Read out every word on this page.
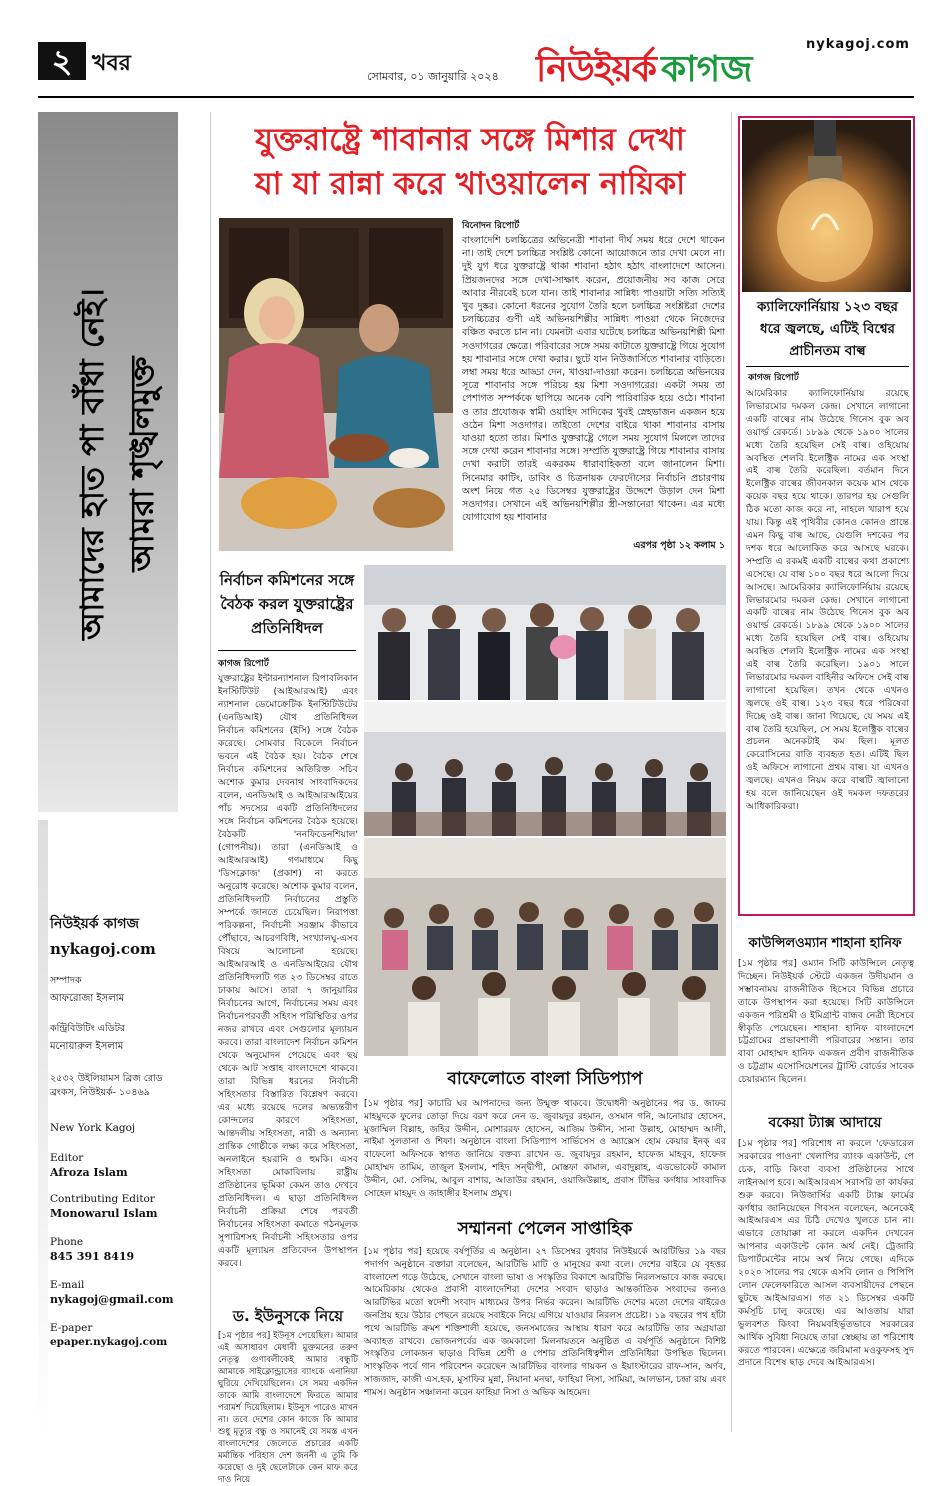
২ খবর
সোমবার, ০১ জানুয়ারি ২০২৪
nykagoj.com
নিউইয়র্ক কাগজ
আমাদের হাত পা বাঁধা নেই। আমরা শৃঙ্খলমুক্ত
নিউইয়র্ক কাগজ
nykagoj.com
সম্পাদক
আফরোজা ইসলাম
কন্ট্রিবিউটিং এডিটর
মনোয়ারুল ইসলাম
২৫৩২ উইলিয়ামস ব্রিজ রোড ব্রংকস, নিউইয়র্ক- ১০৪৬৯
New York Kagoj
Editor
Afroza Islam
Contributing Editor
Monowarul Islam
Phone
845 391 8419
E-mail
nykagoj@gmail.com
E-paper
epaper.nykagoj.com
যুক্তরাষ্ট্রে শাবানার সঙ্গে মিশার দেখা
যা যা রান্না করে খাওয়ালেন নায়িকা
বিনোদন রিপোর্ট
বাংলাদেশি চলচ্চিত্রের অভিনেত্রী শাবানা দীর্ঘ সময় ধরে দেশে থাকেন না। তাই দেশে চলচ্চিত্র সংশ্লিষ্ট কোনো আয়োজনে তার দেখা মেলে না। দুই যুগ ধরে যুক্তরাষ্ট্রে থাকা শাবানা হঠাৎ হঠাৎ বাংলাদেশে আসেন। প্রিয়জনদের সঙ্গে দেখা-সাক্ষাৎ করেন, প্রয়োজনীয় সব কাজ সেরে আবার নীরবেই চলে যান। তাই শাবানার সান্নিধ্য পাওয়াটা সত্যি সত্যিই খুব দুষ্কর। কোনো ধরনের সুযোগ তৈরি হলে চলচ্চিত্র সংশ্লিষ্টরা দেশের চলচ্চিত্রের গুণী এই অভিনয়শিল্পীর সান্নিধ্য পাওয়া থেকে নিজেদের বঞ্চিত করতে চান না। যেমনটা এবার ঘটেছে চলচ্চিত্র অভিনয়শিল্পী মিশা সওদাগরের ক্ষেত্রে। পরিবারের সঙ্গে সময় কাটাতে যুক্তরাষ্ট্রে গিয়ে সুযোগ হয় শাবানার সঙ্গে দেখা করার। ছুটে যান নিউজার্সিতে শাবানার বাড়িতে। লম্বা সময় ধরে আড্ডা দেন, খাওয়া-দাওয়া করেন। চলচ্চিত্রে অভিনয়ের সূত্রে শাবানার সঙ্গে পরিচয় হয় মিশা সওদাগরের। একটা সময় তা পেশাগত সম্পর্ককে ছাপিয়ে অনেক বেশি পারিবারিক হয়ে ওঠে। শাবানা ও তার প্রযোজক স্বামী ওয়াহিদ সাদিকের খুবই স্নেহভাজন একজন হয়ে ওঠেন মিশা সওদাগর। তাইতো দেশের বাইরে থাকা শাবানার বাসায় যাওয়া হতো তার। মিশাও যুক্তরাষ্ট্রে গেলে সময় সুযোগ মিললে তাদের সঙ্গে দেখা করেন শাবানার সঙ্গে। সম্প্রতি যুক্তরাষ্ট্রে গিয়ে শাবানার বাসায় দেখা করাটা তারই একরকম ধারাবাহিকতা বলে জানালেন মিশা। সিনেমার কাটিং, ডাবিং ও চিত্রনায়ক ফেরদৌসের নির্বাচনি প্রচারণায় অংশ নিয়ে গত ২৫ ডিসেম্বর যুক্তরাষ্ট্রের উদ্দেশে উড়াল দেন মিশা সওদাগর। সেখানে এই অভিনয়শিল্পীর স্ত্রী-সন্তানেরা থাকেন। এর মধ্যে যোগাযোগ হয় শাবানার
এরপর পৃষ্ঠা ১২ কলাম ১
নির্বাচন কমিশনের সঙ্গে বৈঠক করল যুক্তরাষ্ট্রের প্রতিনিধিদল
কাগজ রিপোর্ট
যুক্তরাষ্ট্রের ইন্টারন্যাশনাল রিপাবলিকান ইনস্টিটিউট (আইআরআই) এবং ন্যাশনাল ডেমোক্রেটিক ইনস্টিটিউটের (এনডিআই) যৌথ প্রতিনিধিদল নির্বাচন কমিশনের (ইসি) সঙ্গে বৈঠক করেছে। সোমবার বিকেলে নির্বাচন ভবনে এই বৈঠক হয়। বৈঠক শেষে নির্বাচন কমিশনের অতিরিক্ত সচিব অশোক কুমার দেবনাথ সাংবাদিকদের বলেন, এনডিআই ও আইআরআইয়ের পাঁচ সদস্যের একটি প্রতিনিধিদলের সঙ্গে নির্বাচন কমিশনের বৈঠক হয়েছে। বৈঠকটি 'ননফিডেনশিয়াল' (গোপনীয়)। তারা (এনডিআই ও আইআরআই) গণমাধ্যমে কিছু 'ডিসক্লোজ' (প্রকাশ) না করতে অনুরোধ করেছে। অশোক কুমার বলেন, প্রতিনিধিদলটি নির্বাচনের প্রস্তুতি সম্পর্কে জানতে চেয়েছিল। নিরাপত্তা পরিকল্পনা, নির্বাচনী সরঞ্জাম কীভাবে পৌঁছাবে, আচরণবিধি, সংখ্যালঘু-এসব বিষয়ে আলোচনা হয়েছে। আইআরআই ও এনডিআইয়ের যৌথ প্রতিনিধিদলটি গত ২৩ ডিসেম্বর রাতে ঢাকায় আসে। তারা ৭ জানুয়ারির নির্বাচনের আগে, নির্বাচনের সময় এবং নির্বাচনপরবর্তী সহিংস পরিস্থিতির ওপর নজর রাখবে এবং সেগুলোর মূল্যায়ন করবে। তারা বাংলাদেশ নির্বাচন কমিশন থেকে অনুমোদন পেয়েছে এবং ছয় থেকে আট সপ্তাহ বাংলাদেশে থাকবে। তারা বিভিন্ন ধরনের নির্বাচনী সহিংসতার বিস্তারিত বিশ্লেষণ করবে। এর মধ্যে রয়েছে দলের অভ্যন্তরীণ কোন্দলের কারণে সহিংসতা, আন্তদলীয় সহিংসতা, নারী ও অন্যান্য প্রান্তিক গোষ্ঠীকে লক্ষ্য করে সহিংসতা, অনলাইনে হয়রানি ও হুমকি। এসব সহিংসতা মোকাবিলায় রাষ্ট্রীয় প্রতিষ্ঠানের ভূমিকা কেমন তাও দেখবে প্রতিনিধিদল। এ ছাড়া প্রতিনিধিদল নির্বাচনী প্রক্রিয়া শেষে পরবর্তী নির্বাচনের সহিংসতা কমাতে গঠনমূলক সুপারিশসহ নির্বাচনী সহিংসতার ওপর একটি মূল্যায়ন প্রতিবেদন উপস্থাপন করবে।
বাফেলোতে বাংলা সিডিপ্যাপ
[১ম পৃষ্ঠার পর] কাচারি ঘর আপনাদের জন্য উন্মুক্ত থাকবে। উদ্বোধনী অনুষ্ঠানের পর ড. জাফর মাহমুদকে ফুলের তোড়া দিয়ে বরণ করে নেন ড. জুবায়দুর রহমান, ওসমান গনি, আনোয়ার হোসেন, মুজাম্মিল বিল্লাহ, জহির উদ্দীন, মোশাররফ হোসেন, আজিম উদ্দীন, সানা উল্লাহ, মোহাম্মদ আলী, নাইমা সুলতানা ও শিফা। অনুষ্ঠানে বাংলা সিডিপ্যাপ সার্ভিসেস ও অ্যাক্সেস হোম কেয়ার ইনক্‌ এর বাফেলো অফিসকে স্বাগত জানিয়ে বক্তব্য রাখেন ড. জুবায়দুর রহমান, হাফেজ মাহবুব, হাফেজ মোহাম্মদ তামিম, তাজুল ইসলাম, শহিদ সন্দ্বীপী, মোস্তফা কামাল, এবাদুল্লাহ, এডভোকেট কামাল উদ্দীন, মো. সেলিম, আবুল বাশার, আতাউর রহমান, ওয়াজিউল্লাহ, প্রবাস টিভির কর্ণধার সাংবাদিক সোহেল মাহমুদ ও জাহাঙ্গীর ইসলাম প্রমুখ।
সম্মাননা পেলেন সাপ্তাহিক
[১ম পৃষ্ঠার পর] হয়েছে বর্ষপূর্তির এ অনুষ্ঠান। ২৭ ডিসেম্বর বুধবার নিউইয়র্কে আরটিভির ১৯ বছর পদার্পণ অনুষ্ঠানে বক্তারা বলেছেন, আরটিভি মাটি ও মানুষের কথা বলে। দেশের বাইরে যে বৃহত্তর বাংলাদেশ গড়ে উঠেছে, সেখানে বাংলা ভাষা ও সংস্কৃতির বিকাশে আরটিভি নিরলসভাবে কাজ করছে। আমেরিকায় থেকেও প্রবাসী বাংলাদেশিরা দেশের সংবাদ ছাড়াও আন্তর্জাতিক সংবাদের জন্যও আরটিভির মতো স্বদেশী সংবাদ মাধ্যমের উপর নির্ভর করেন। আরটিভি দেশের মতো দেশের বাইরেও জনপ্রিয় হয়ে উঠার পেছনে রয়েছে সবাইকে নিয়ে এগিয়ে যাওয়ার নিরলস প্রচেষ্টা। ১৯ বছরের পথ হাঁটা পথে আরটিভি ক্রমশ শক্তিশালী হয়েছে, জনসমাজের আস্থায় ধারণ করে আরটিভি তার অগ্রযাত্রা অব্যাহত রাখবে। ভোজনপর্বের এক জমকালো মিলনায়তনে অনুষ্ঠিত এ বর্ষপূর্তি অনুষ্ঠানে বিশিষ্ট সংস্কৃতির লোকজন ছাড়াও বিভিন্ন শ্রেণী ও পেশার প্রতিনিধিত্বশীল প্রতিনিধিরা উপস্থিত ছিলেন। সাংস্কৃতিক পর্বে গান পরিবেশন করেছেন আরটিভির বাংলার গায়কন ও ইয়াংস্টারের রাফ-সান, অর্ণব, সাজজাদ, কাজী এস.হক, মুসাফির মুন্না, নিয়ানা মনদ্বা, ফাহিয়া নিসা, সামিয়া, আলভান, চন্দ্রা রায় এবং শামস। অনুষ্ঠান সঞ্চালনা করেন ফাহিয়া নিসা ও অভিক আহমেদ।
ড. ইউনুসকে নিয়ে
[১ম পৃষ্ঠার পর] ইউনূস পেয়েছিল। আমার এই অসাধারণ মেধাবী মুক্তমনের তরুণ নেতৃত্ব গুণাবলীকেই আমার বন্ধুটি আমাকে সাইক্লোন্ড্রাসের ব্যাংকে এনানিয়া ঘুরিয়ে দেখিয়েছিলেন। সে সময় একদিন তাকে আমি বাংলাদেশে ফিরতে আমার পরামর্শ দিয়েছিলাম। ইউনুস পারেও মাখন না। তবে দেশের কোন কাজে কি আমার শুধু মৃত্যুর বন্ধু ও সমানেই যে সমস্ত এখন বাংলাদেশের জেলেতে প্রচারের একটি মর্মান্তিক পরিহাস দেশ জননী এ তুমি কি করেছো ও দুই ছেলেটাকে কেন মাফ করে দাও নিয়ে
ক্যালিফোর্নিয়ায় ১২৩ বছর ধরে জ্বলছে, এটিই বিশ্বের প্রাচীনতম বাল্ব
কাগজ রিপোর্ট
আমেরিকার ক্যালিফোর্নিয়ায় রয়েছে লিভারমোর দমকল কেন্দ্র। সেখানে লাগানো একটি বাল্বের নাম উঠেছে গিনেস বুক অব ওয়ার্ল্ড রেকর্ডে। ১৮৯৯ থেকে ১৯০০ সালের মধ্যে তৈরি হয়েছিল সেই বাল্ব। ওহিয়োয় অবস্থিত শেলবি ইলেক্ট্রিক নামের এক সংস্থা এই বাল্ব তৈরি করেছিল। বর্তমান দিনে ইলেক্ট্রিক বাল্বের জীবনকাল কয়েক মাস থেকে কয়েক বছর হয়ে থাকে। তারপর হয় সেগুলি ঠিক মতো কাজ করে না, নাহলে খারাপ হয়ে যায়। কিন্তু এই পৃথিবীর কোনও কোনও প্রান্তে এমন কিছু বাল্ব আছে, যেগুলি দশকের পর দশক ধরে আলোকিত করে আসছে ঘরকে। সম্প্রতি এ রকমই একটি বাল্বের কথা প্রকাশ্যে এসেছে। যে বাল্ব ১০০ বছর ধরে আলো দিয়ে আসছে। আমেরিকার ক্যালিফোর্নিয়ায় রয়েছে লিভারমোর দমকল কেন্দ্র। সেখানে লাগানো একটি বাল্বের নাম উঠেছে গিনেস বুক অব ওয়ার্ল্ড রেকর্ডে। ১৮৯৯ থেকে ১৯০০ সালের মধ্যে তৈরি হয়েছিল সেই বাল্ব। ওহিয়োয় অবস্থিত শেলবি ইলেক্ট্রিক নামের এক সংস্থা এই বাল্ব তৈরি করেছিল। ১৯০১ সালে লিভারমোর দমকল বাহিনীর অফিসে সেই বাল্ব লাগানো হয়েছিল। তখন থেকে এখনও জ্বলছে ওই বাল্ব। ১২৩ বছর ধরে পরিষেবা দিচ্ছে ওই বাল্ব। জানা গিয়েছে, যে সময় এই বাল্ব তৈরি হয়েছিল, সে সময় ইলেক্ট্রিক বাল্বের প্রচলন অনেকটাই কম ছিল। মূলত কেরোসিনের বাতি ব্যবহৃত হত। এটিই ছিল ওই অফিসে লাগানো প্রথম বাল্ব। যা এখনও জ্বলছে। এখনও নিয়ম করে বাল্বটি জ্বালানো হয় বলে জানিয়েছেন ওই দমকল দফতরের আধিকারিকরা।
কাউন্সিলওম্যান শাহানা হানিফ
[১ম পৃষ্ঠার পর] ওম্যান সিটি কাউন্সিলে নেতৃত্ব দিচ্ছেন। নিউইয়র্ক স্টেটে একজন উদীয়মান ও সম্ভাবনাময় রাজনীতিক হিসেবে বিভিন্ন প্রচারে তাকে উপস্থাপন করা হয়েছে। সিটি কাউন্সিলে একজন পরিশ্রমী ও ইমিগ্রান্ট বান্ধব নেত্রী হিসেবে স্বীকৃতি পেয়েছেন। শাহানা হানিফ বাংলাদেশে চট্টগ্রামের প্রভাবশালী পরিবারের সন্তান। তার বাবা মোহাম্মদ হানিফ একজন প্রবীণ রাজনীতিক ও চট্টগ্রাম এসোসিয়েশনের ট্রাস্টি বোর্ডের সাবেক চেয়ারম্যান ছিলেন।
বকেয়া ট্যাক্স আদায়ে
[১ম পৃষ্ঠার পর] পরিশোধ না করলে 'ফেডারেল সরকারের পাওনা' খেলাপির ব্যাংক একাউন্ট, পে চেক, বাড়ি কিংবা ব্যবসা প্রতিষ্ঠানের সাথে লাইনআপ হবে। আইআরএস সরাসরি তা কার্যকর শুরু করবে। নিউজার্সির একটি ট্যাক্স ফার্মের কর্ণধার জানিয়েছেন গিবসন বলেছেন, অনেকেই আইআরএস এর চিঠি দেখেও খুলতে চান না। এভাবে তোয়াক্কা না করলে একদিন দেখবেন আপনার একাউন্টে কোন অর্থ নেই। ট্রেজারি ডিপার্টমেন্টের নামে অর্থ নিয়ে গেছে। এদিকে ২০২০ সালের পর থেকে এসবি লোন ও পিপিপি লোন ফেলেফারিতে আসল ব্যবসায়ীদের পেছনে ছুটছে আইআরএস। গত ২১ ডিসেম্বর একটি কর্মসূচি চালু করেছে। এর আওতায় যারা ভুলবশত কিংবা নিয়মবহির্ভূতভাবে সরকারের আর্থিক সুবিধা নিয়েছে তারা স্বেচ্ছায় তা পরিশোধ করতে পারবেন। এক্ষেত্রে জরিমানা মওকুফসহ সুদ প্রদানে বিশেষ ছাড় দেবে আইআরএস।
